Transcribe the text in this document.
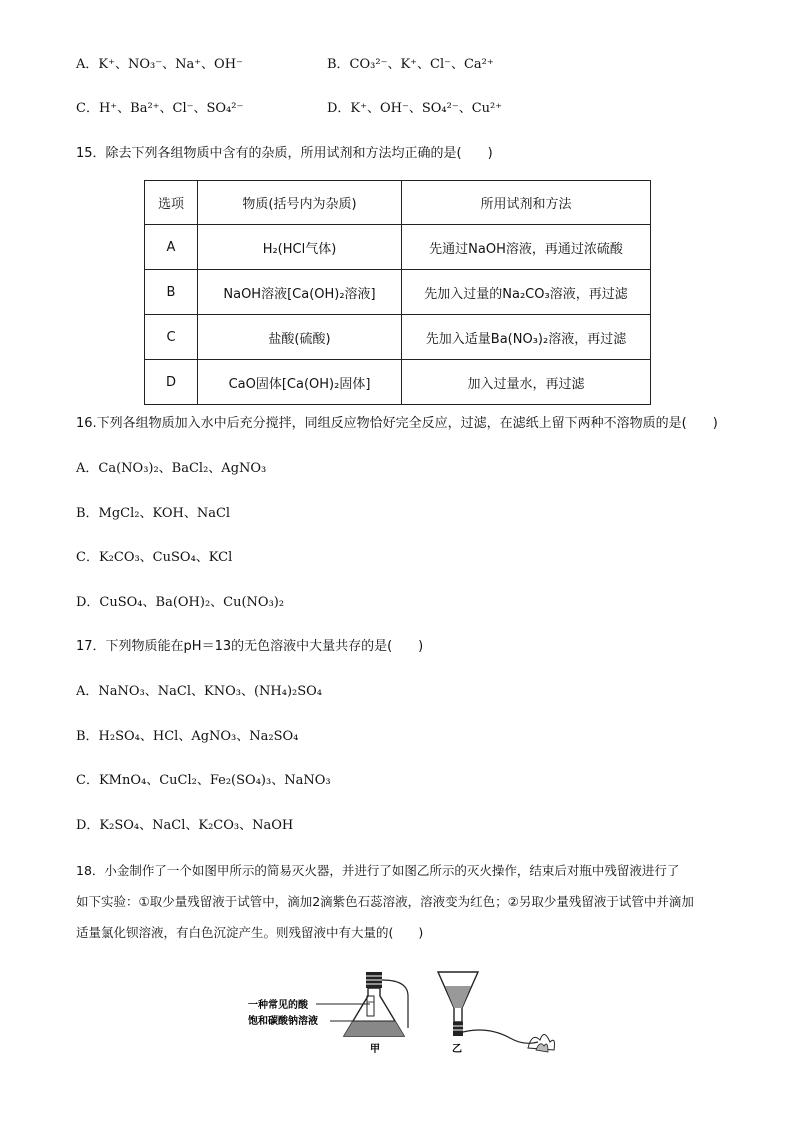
A．K⁺、NO₃⁻、Na⁺、OH⁻	B．CO₃²⁻、K⁺、Cl⁻、Ca²⁺
C．H⁺、Ba²⁺、Cl⁻、SO₄²⁻	D．K⁺、OH⁻、SO₄²⁻、Cu²⁺
15．除去下列各组物质中含有的杂质，所用试剂和方法均正确的是(　　)
选项	物质(括号内为杂质)	所用试剂和方法
A	H₂(HCl气体)	先通过NaOH溶液，再通过浓硫酸
B	NaOH溶液[Ca(OH)₂溶液]	先加入过量的Na₂CO₃溶液，再过滤
C	盐酸(硫酸)	先加入适量Ba(NO₃)₂溶液，再过滤
D	CaO固体[Ca(OH)₂固体]	加入过量水，再过滤
16.下列各组物质加入水中后充分搅拌，同组反应物恰好完全反应，过滤，在滤纸上留下两种不溶物质的是(　　)
A．Ca(NO₃)₂、BaCl₂、AgNO₃
B．MgCl₂、KOH、NaCl
C．K₂CO₃、CuSO₄、KCl
D．CuSO₄、Ba(OH)₂、Cu(NO₃)₂
17．下列物质能在pH＝13的无色溶液中大量共存的是(　　)
A．NaNO₃、NaCl、KNO₃、(NH₄)₂SO₄
B．H₂SO₄、HCl、AgNO₃、Na₂SO₄
C．KMnO₄、CuCl₂、Fe₂(SO₄)₃、NaNO₃
D．K₂SO₄、NaCl、K₂CO₃、NaOH
18．小金制作了一个如图甲所示的简易灭火器，并进行了如图乙所示的灭火操作，结束后对瓶中残留液进行了
如下实验：①取少量残留液于试管中，滴加2滴紫色石蕊溶液，溶液变为红色；②另取少量残留液于试管中并滴加
适量氯化钡溶液，有白色沉淀产生。则残留液中有大量的(　　)
一种常见的酸
饱和碳酸钠溶液
甲	乙
